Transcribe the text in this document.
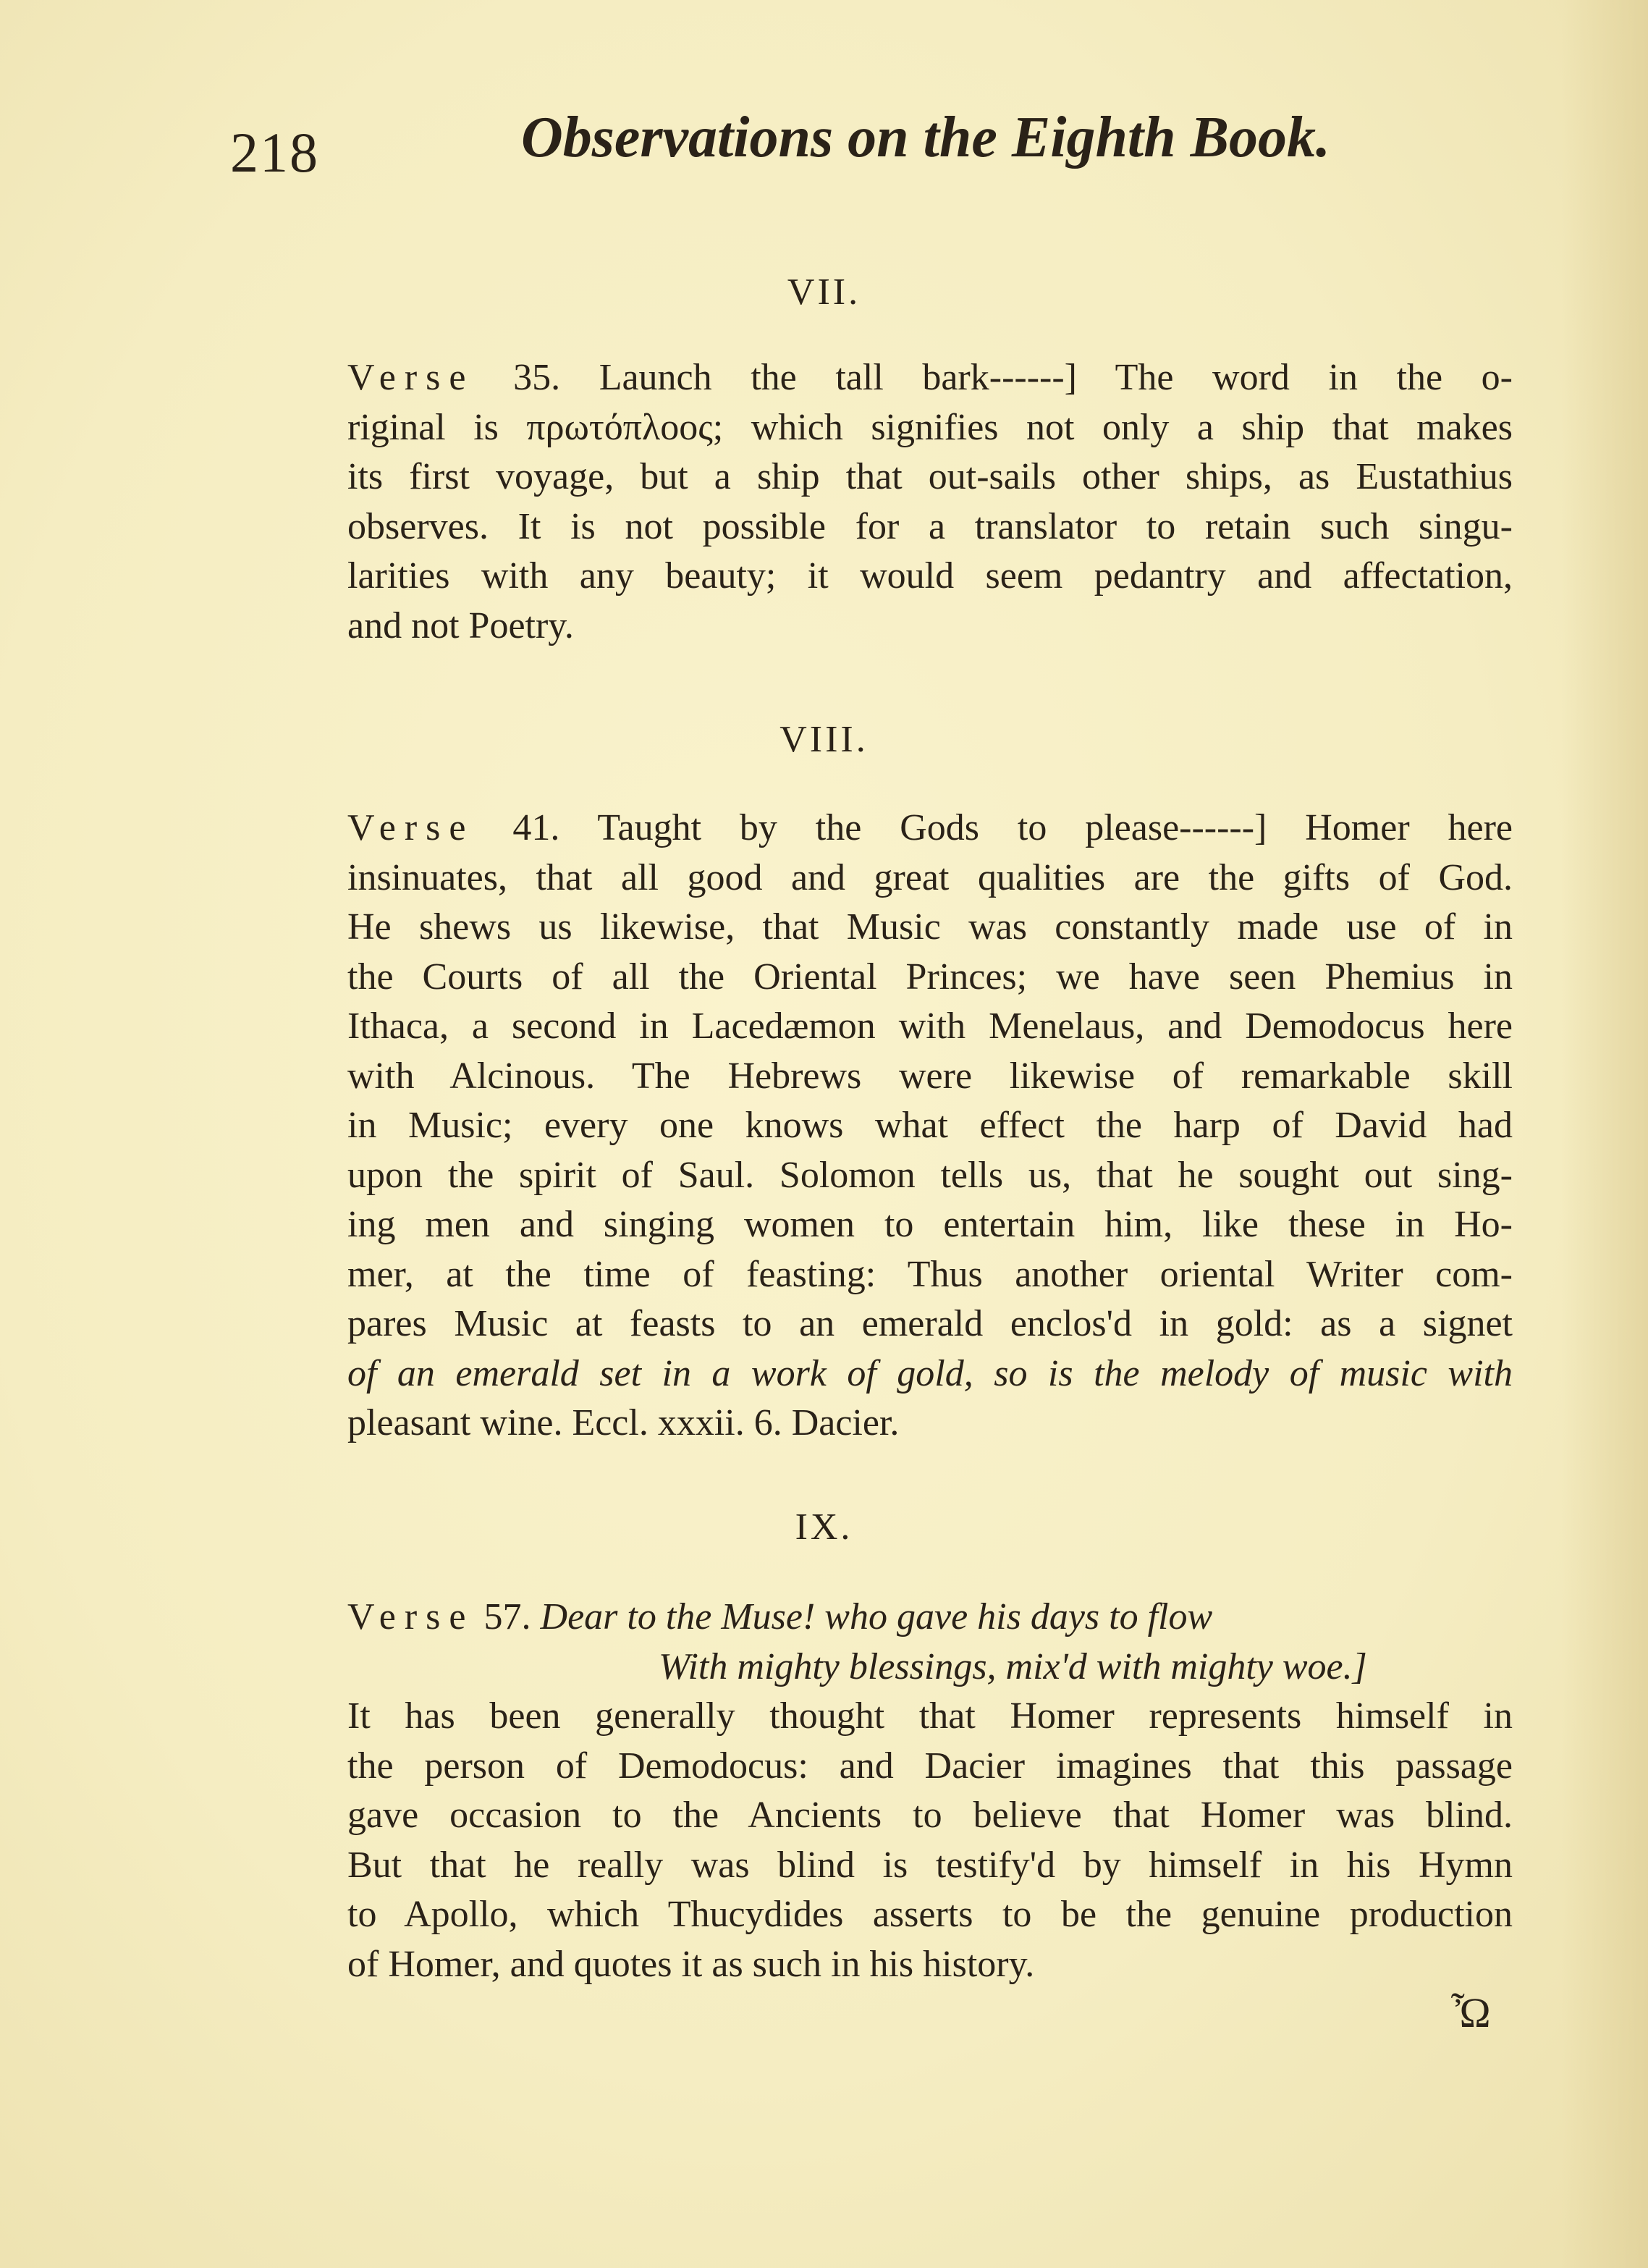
218	Observations on the Eighth Book.
VII.
Verse 35. Launch the tall bark------] The word in the o-
riginal is πρωτόπλοος; which signifies not only a ship that makes
its first voyage, but a ship that out-sails other ships, as Eustathius
observes. It is not possible for a translator to retain such singu-
larities with any beauty; it would seem pedantry and affectation,
and not Poetry.
VIII.
Verse 41. Taught by the Gods to please------] Homer here
insinuates, that all good and great qualities are the gifts of God.
He shews us likewise, that Music was constantly made use of in
the Courts of all the Oriental Princes; we have seen Phemius in
Ithaca, a second in Lacedæmon with Menelaus, and Demodocus here
with Alcinous. The Hebrews were likewise of remarkable skill
in Music; every one knows what effect the harp of David had
upon the spirit of Saul. Solomon tells us, that he sought out sing-
ing men and singing women to entertain him, like these in Ho-
mer, at the time of feasting: Thus another oriental Writer com-
pares Music at feasts to an emerald enclos'd in gold: as a signet
of an emerald set in a work of gold, so is the melody of music with
pleasant wine. Eccl. xxxii. 6. Dacier.
IX.
Verse 57. Dear to the Muse! who gave his days to flow
With mighty blessings, mix'd with mighty woe.]
It has been generally thought that Homer represents himself in
the person of Demodocus: and Dacier imagines that this passage
gave occasion to the Ancients to believe that Homer was blind.
But that he really was blind is testify'd by himself in his Hymn
to Apollo, which Thucydides asserts to be the genuine production
of Homer, and quotes it as such in his history.
Ὦ
